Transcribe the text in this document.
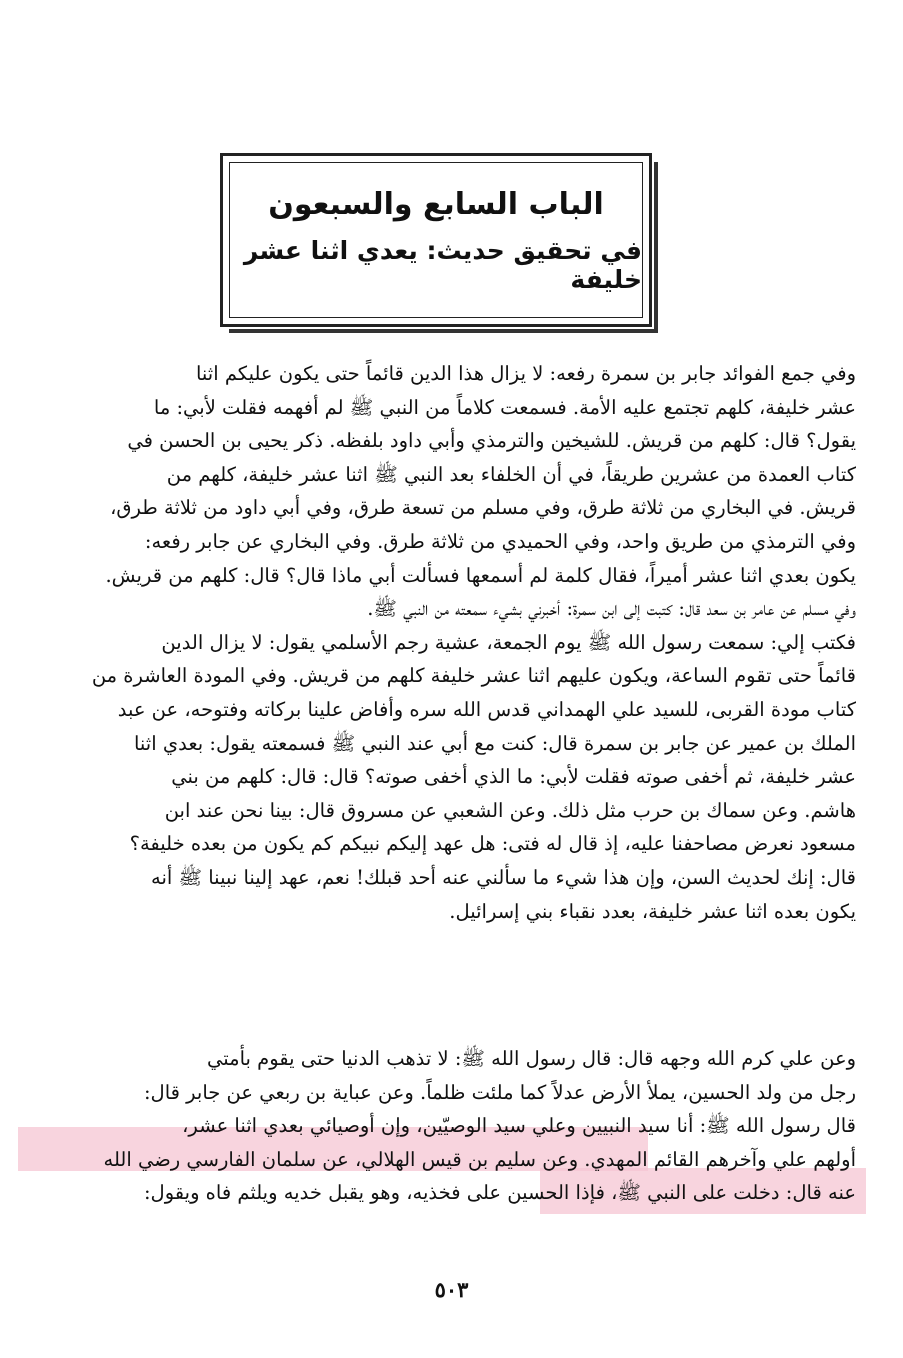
الباب السابع والسبعون
في تحقيق حديث: يعدي اثنا عشر خليفة
وفي جمع الفوائد جابر بن سمرة رفعه: لا يزال هذا الدين قائماً حتى يكون عليكم اثنا
عشر خليفة، كلهم تجتمع عليه الأمة. فسمعت كلاماً من النبي ﷺ لم أفهمه فقلت لأبي: ما
يقول؟ قال: كلهم من قريش. للشيخين والترمذي وأبي داود بلفظه. ذكر يحيى بن الحسن في
كتاب العمدة من عشرين طريقاً، في أن الخلفاء بعد النبي ﷺ اثنا عشر خليفة، كلهم من
قريش. في البخاري من ثلاثة طرق، وفي مسلم من تسعة طرق، وفي أبي داود من ثلاثة طرق،
وفي الترمذي من طريق واحد، وفي الحميدي من ثلاثة طرق. وفي البخاري عن جابر رفعه:
يكون بعدي اثنا عشر أميراً، فقال كلمة لم أسمعها فسألت أبي ماذا قال؟ قال: كلهم من قريش.
وفي مسلم عن عامر بن سعد قال: كتبت إلى ابن سمرة: أخبرني بشيء سمعته من النبي ﷺ.
فكتب إلي: سمعت رسول الله ﷺ يوم الجمعة، عشية رجم الأسلمي يقول: لا يزال الدين
قائماً حتى تقوم الساعة، ويكون عليهم اثنا عشر خليفة كلهم من قريش. وفي المودة العاشرة من
كتاب مودة القربى، للسيد علي الهمداني قدس الله سره وأفاض علينا بركاته وفتوحه، عن عبد
الملك بن عمير عن جابر بن سمرة قال: كنت مع أبي عند النبي ﷺ فسمعته يقول: بعدي اثنا
عشر خليفة، ثم أخفى صوته فقلت لأبي: ما الذي أخفى صوته؟ قال: قال: كلهم من بني
هاشم. وعن سماك بن حرب مثل ذلك. وعن الشعبي عن مسروق قال: بينا نحن عند ابن
مسعود نعرض مصاحفنا عليه، إذ قال له فتى: هل عهد إليكم نبيكم كم يكون من بعده خليفة؟
قال: إنك لحديث السن، وإن هذا شيء ما سألني عنه أحد قبلك! نعم، عهد إلينا نبينا ﷺ أنه
يكون بعده اثنا عشر خليفة، بعدد نقباء بني إسرائيل.
وعن علي كرم الله وجهه قال: قال رسول الله ﷺ: لا تذهب الدنيا حتى يقوم بأمتي
رجل من ولد الحسين، يملأ الأرض عدلاً كما ملئت ظلماً. وعن عباية بن ربعي عن جابر قال:
قال رسول الله ﷺ: أنا سيد النبيين وعلي سيد الوصيّين، وإن أوصيائي بعدي اثنا عشر،
أولهم علي وآخرهم القائم المهدي. وعن سليم بن قيس الهلالي، عن سلمان الفارسي رضي الله
عنه قال: دخلت على النبي ﷺ، فإذا الحسين على فخذيه، وهو يقبل خديه ويلثم فاه ويقول:
٥٠٣
